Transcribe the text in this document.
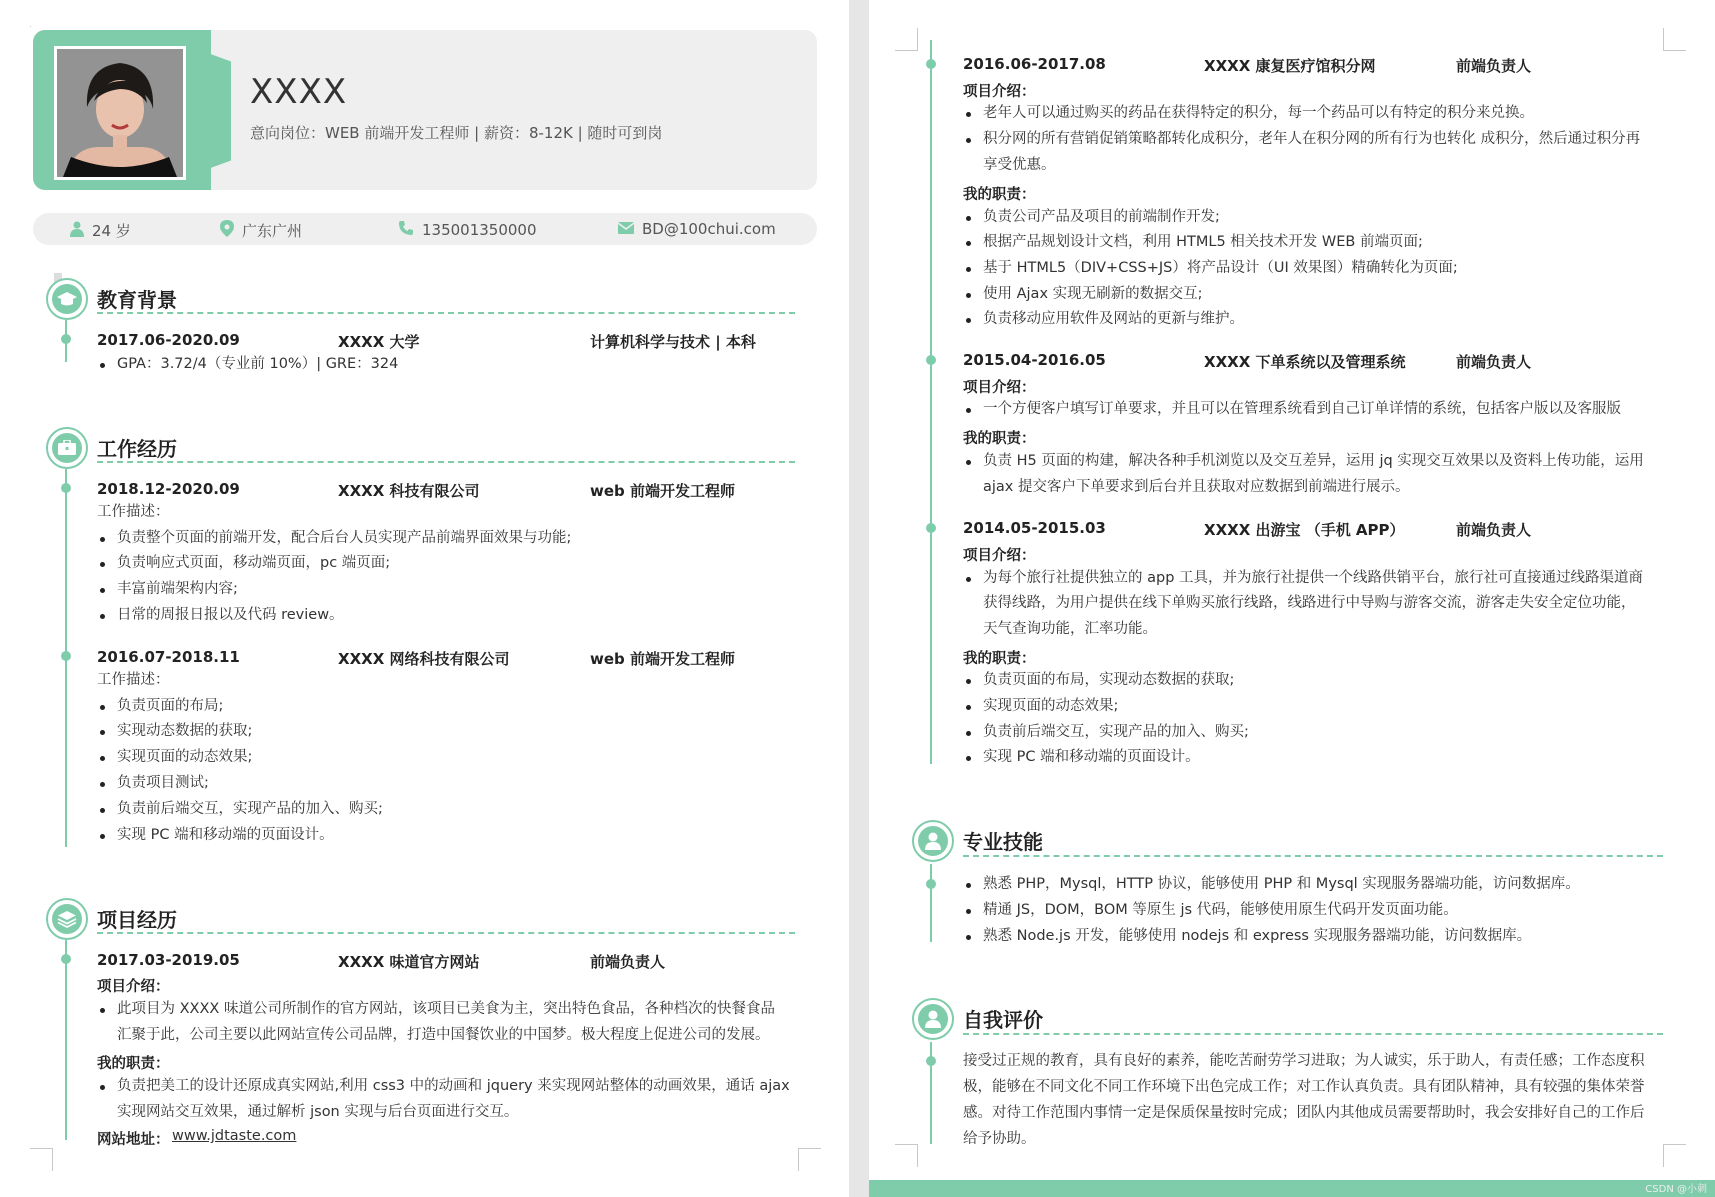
XXXX
意向岗位：WEB 前端开发工程师 | 薪资：8-12K | 随时可到岗
24 岁	广东广州	135001350000	BD@100chui.com
教育背景
2017.06-2020.09	XXXX 大学	计算机科学与技术 | 本科
GPA：3.72/4（专业前 10%）| GRE：324
工作经历
2018.12-2020.09	XXXX 科技有限公司	web 前端开发工程师
工作描述：
负责整个页面的前端开发，配合后台人员实现产品前端界面效果与功能;
负责响应式页面，移动端页面，pc 端页面;
丰富前端架构内容;
日常的周报日报以及代码 review。
2016.07-2018.11	XXXX 网络科技有限公司	web 前端开发工程师
工作描述：
负责页面的布局;
实现动态数据的获取;
实现页面的动态效果;
负责项目测试;
负责前后端交互，实现产品的加入、购买;
实现 PC 端和移动端的页面设计。
项目经历
2017.03-2019.05	XXXX 味道官方网站	前端负责人
项目介绍：
此项目为 XXXX 味道公司所制作的官方网站，该项目已美食为主，突出特色食品，各种档次的快餐食品
汇聚于此，公司主要以此网站宣传公司品牌，打造中国餐饮业的中国梦。极大程度上促进公司的发展。
我的职责：
负责把美工的设计还原成真实网站,利用 css3 中的动画和 jquery 来实现网站整体的动画效果，通话 ajax
实现网站交互效果，通过解析 json 实现与后台页面进行交互。
网站地址： www.jdtaste.com
2016.06-2017.08	XXXX 康复医疗馆积分网	前端负责人
项目介绍：
老年人可以通过购买的药品在获得特定的积分，每一个药品可以有特定的积分来兑换。
积分网的所有营销促销策略都转化成积分，老年人在积分网的所有行为也转化 成积分，然后通过积分再
享受优惠。
我的职责：
负责公司产品及项目的前端制作开发;
根据产品规划设计文档，利用 HTML5 相关技术开发 WEB 前端页面;
基于 HTML5（DIV+CSS+JS）将产品设计（UI 效果图）精确转化为页面;
使用 Ajax 实现无刷新的数据交互;
负责移动应用软件及网站的更新与维护。
2015.04-2016.05	XXXX 下单系统以及管理系统	前端负责人
项目介绍：
一个方便客户填写订单要求，并且可以在管理系统看到自己订单详情的系统，包括客户版以及客服版
我的职责：
负责 H5 页面的构建，解决各种手机浏览以及交互差异，运用 jq 实现交互效果以及资料上传功能，运用
ajax 提交客户下单要求到后台并且获取对应数据到前端进行展示。
2014.05-2015.03	XXXX 出游宝 （手机 APP）	前端负责人
项目介绍：
为每个旅行社提供独立的 app 工具，并为旅行社提供一个线路供销平台，旅行社可直接通过线路渠道商
获得线路，为用户提供在线下单购买旅行线路，线路进行中导购与游客交流，游客走失安全定位功能，
天气查询功能，汇率功能。
我的职责：
负责页面的布局，实现动态数据的获取;
实现页面的动态效果;
负责前后端交互，实现产品的加入、购买;
实现 PC 端和移动端的页面设计。
专业技能
熟悉 PHP，Mysql，HTTP 协议，能够使用 PHP 和 Mysql 实现服务器端功能，访问数据库。
精通 JS，DOM，BOM 等原生 js 代码，能够使用原生代码开发页面功能。
熟悉 Node.js 开发，能够使用 nodejs 和 express 实现服务器端功能，访问数据库。
自我评价
接受过正规的教育，具有良好的素养，能吃苦耐劳学习进取；为人诚实，乐于助人，有责任感；工作态度积
极，能够在不同文化不同工作环境下出色完成工作；对工作认真负责。具有团队精神，具有较强的集体荣誉
感。对待工作范围内事情一定是保质保量按时完成；团队内其他成员需要帮助时，我会安排好自己的工作后
给予协助。
CSDN @小刺
